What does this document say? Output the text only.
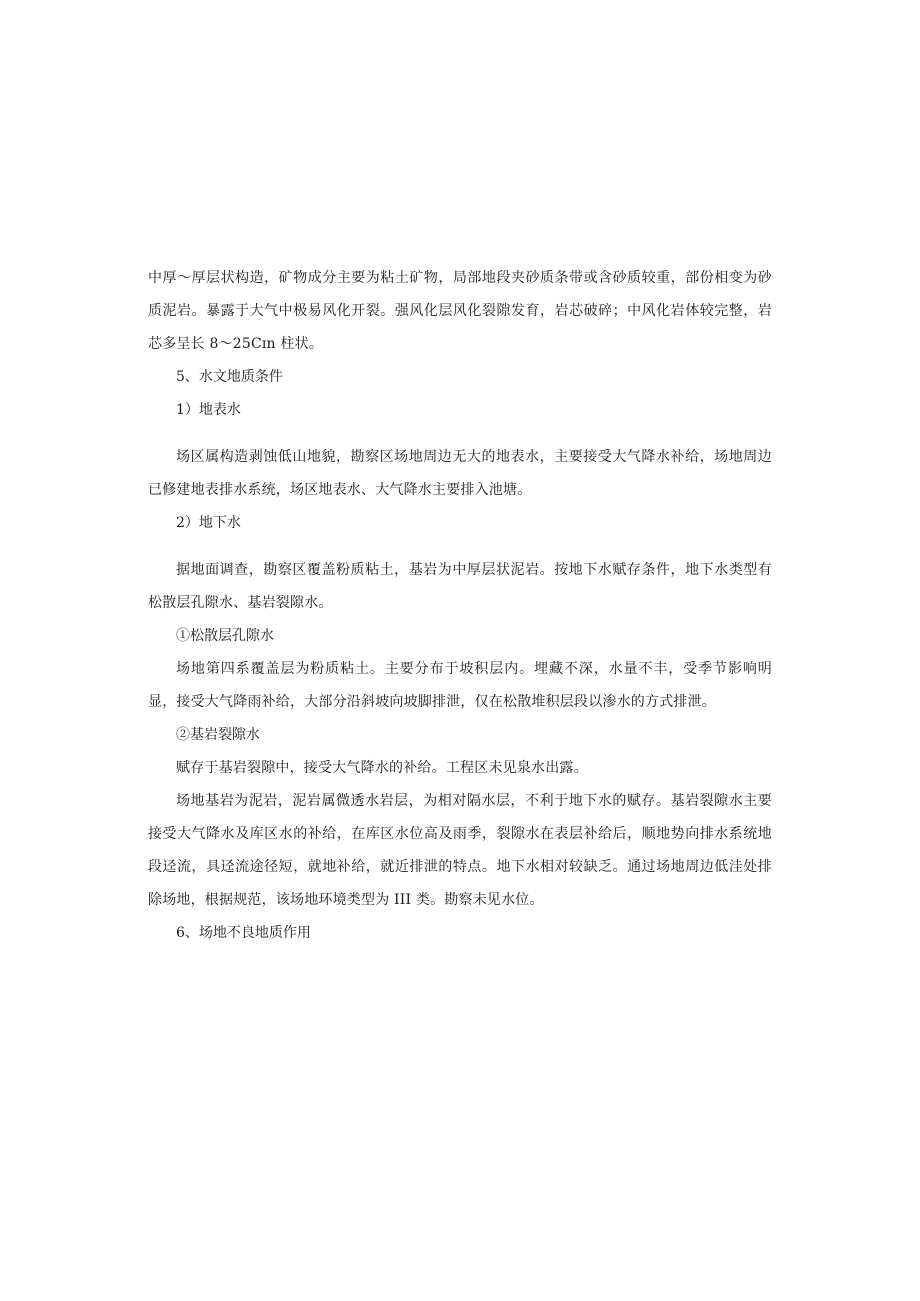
中厚～厚层状构造，矿物成分主要为粘土矿物，局部地段夹砂质条带或含砂质较重，部份相变为砂质泥岩。暴露于大气中极易风化开裂。强风化层风化裂隙发育，岩芯破碎；中风化岩体较完整，岩芯多呈长 8～25Cɪn 柱状。

5、水文地质条件

1）地表水

场区属构造剥蚀低山地貌，勘察区场地周边无大的地表水，主要接受大气降水补给，场地周边已修建地表排水系统，场区地表水、大气降水主要排入池塘。

2）地下水

据地面调查，勘察区覆盖粉质粘土，基岩为中厚层状泥岩。按地下水赋存条件，地下水类型有松散层孔隙水、基岩裂隙水。

①松散层孔隙水

场地第四系覆盖层为粉质粘土。主要分布于坡积层内。埋藏不深，水量不丰，受季节影响明显，接受大气降雨补给，大部分沿斜坡向坡脚排泄，仅在松散堆积层段以渗水的方式排泄。

②基岩裂隙水

赋存于基岩裂隙中，接受大气降水的补给。工程区未见泉水出露。

场地基岩为泥岩，泥岩属微透水岩层，为相对隔水层，不利于地下水的赋存。基岩裂隙水主要接受大气降水及库区水的补给，在库区水位高及雨季，裂隙水在表层补给后，顺地势向排水系统地段迳流，具迳流途径短，就地补给，就近排泄的特点。地下水相对较缺乏。通过场地周边低洼处排除场地，根据规范，该场地环境类型为 III 类。勘察未见水位。

6、场地不良地质作用
